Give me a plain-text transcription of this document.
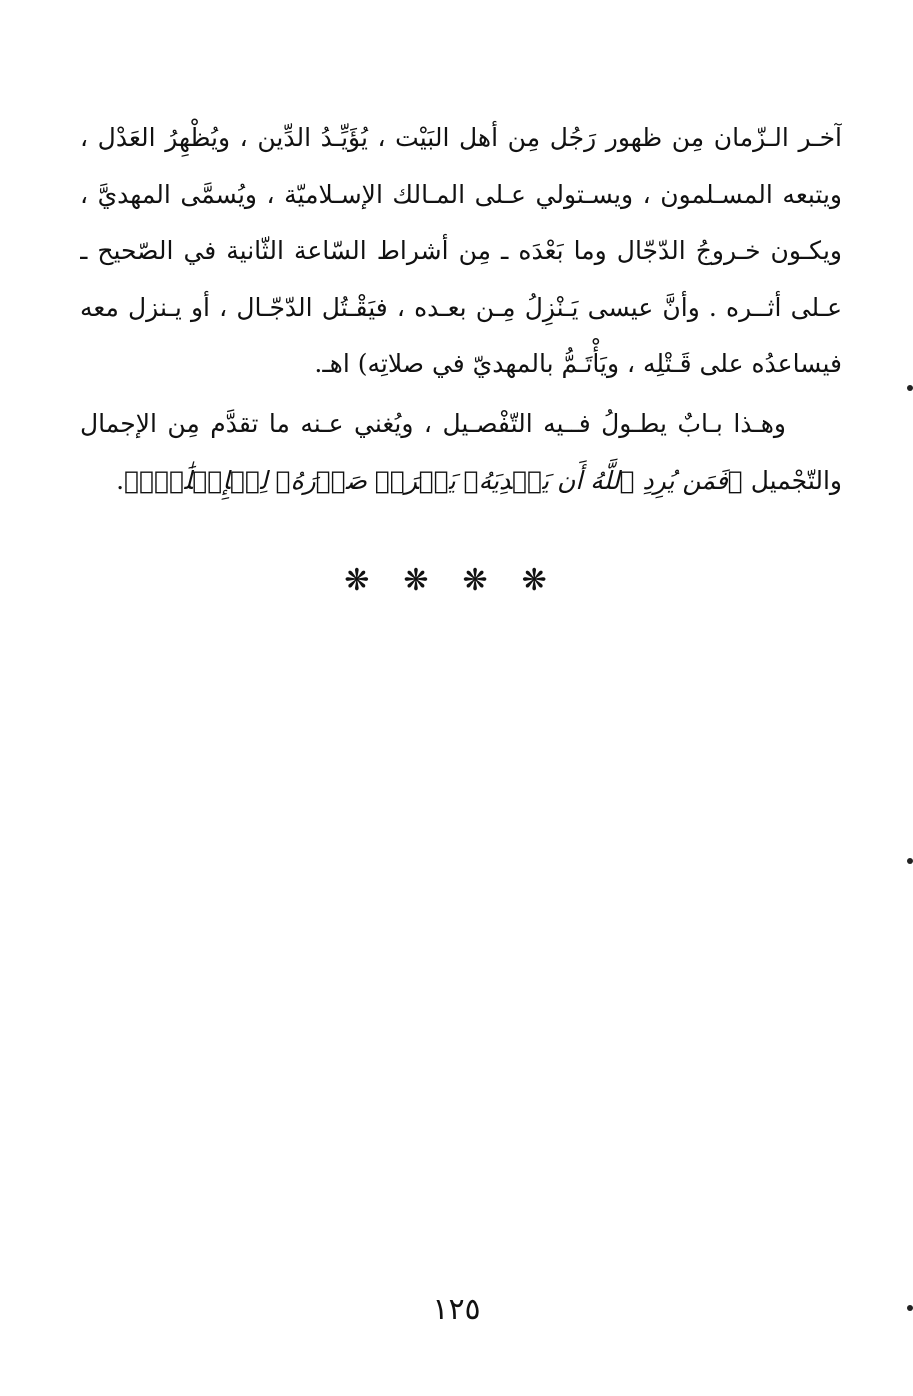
آخـر الـزّمان مِن ظهور رَجُل مِن أهل البَيْت ، يُؤَيِّـدُ الدِّين ، ويُظْهِرُ العَدْل ،
ويتبعه المسـلمون ، ويسـتولي عـلى المـالك الإسـلاميّة ، ويُسمَّى المهديَّ ،
ويكـون خـروجُ الدّجّال وما بَعْدَه ـ مِن أشراط السّاعة الثّانية في الصّحيح ـ
عـلى أثــره . وأنَّ عيسى يَـنْزِلُ مِـن بعـده ، فيَقْـتُل الدّجّـال ، أو يـنزل معه
فيساعدُه على قَـتْلِه ، ويَأْتَـمُّ بالمهديّ في صلاتِه) اهـ.
وهـذا بـابٌ يطـولُ فــيه التّفْصـيل ، ويُغني عـنه ما تقدَّم مِن الإجمال
والتّجْميل ﴿فَمَن يُرِدِ ٱللَّهُ أَن يَهۡدِيَهُۥ يَشۡرَحۡ صَدۡرَهُۥ لِلۡإِسۡلَٰمِۖ﴾.
❋ ❋ ❋ ❋
١٢٥
